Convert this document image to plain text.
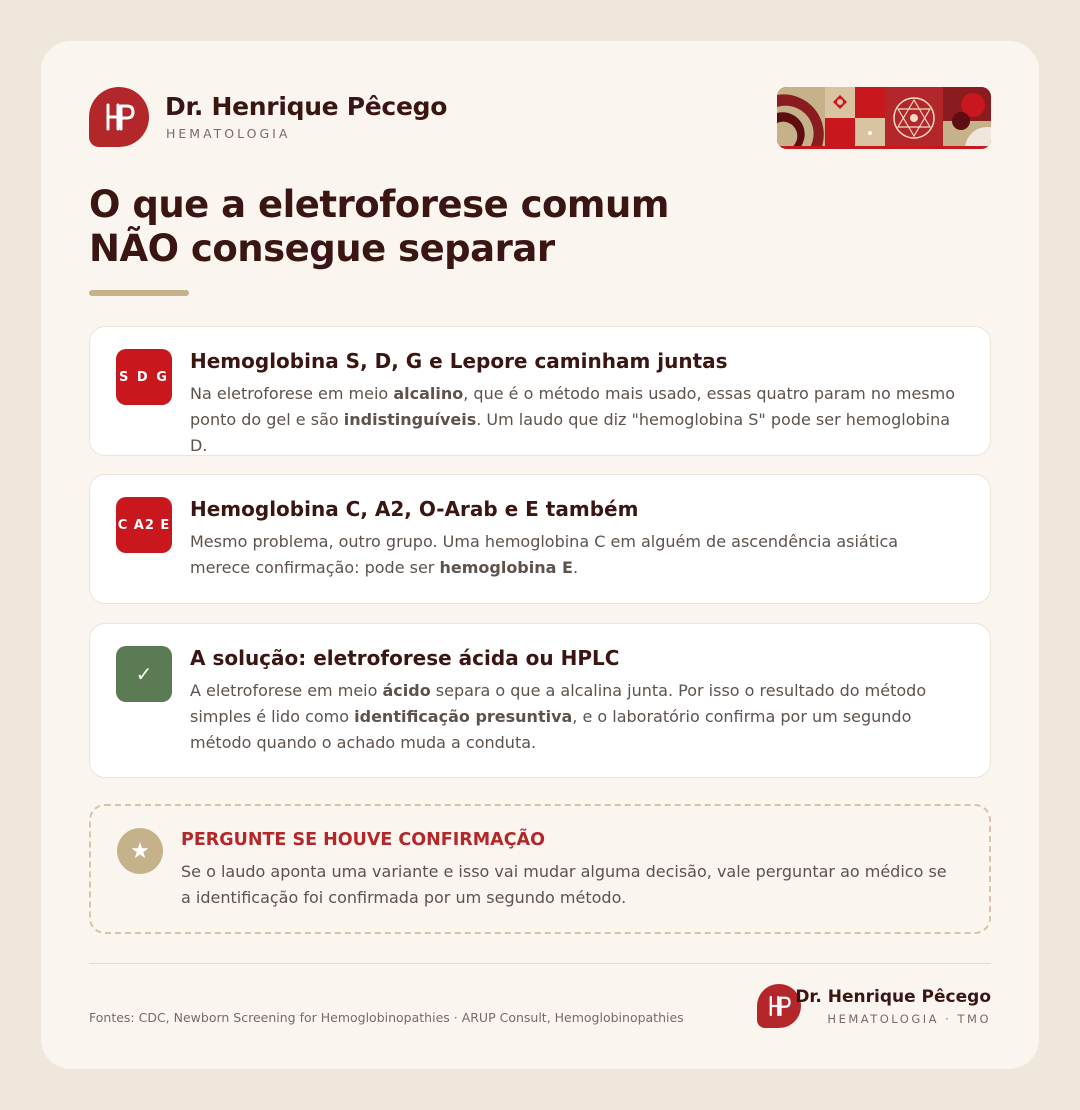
Dr. Henrique Pêcego
HEMATOLOGIA
O que a eletroforese comum
NÃO consegue separar
S D G
Hemoglobina S, D, G e Lepore caminham juntas
Na eletroforese em meio alcalino, que é o método mais usado, essas quatro param no mesmo ponto do gel e são indistinguíveis. Um laudo que diz "hemoglobina S" pode ser hemoglobina D.
C A2 E
Hemoglobina C, A2, O-Arab e E também
Mesmo problema, outro grupo. Uma hemoglobina C em alguém de ascendência asiática merece confirmação: pode ser hemoglobina E.
✓
A solução: eletroforese ácida ou HPLC
A eletroforese em meio ácido separa o que a alcalina junta. Por isso o resultado do método simples é lido como identificação presuntiva, e o laboratório confirma por um segundo método quando o achado muda a conduta.
★	PERGUNTE SE HOUVE CONFIRMAÇÃO
Se o laudo aponta uma variante e isso vai mudar alguma decisão, vale perguntar ao médico se a identificação foi confirmada por um segundo método.
Fontes: CDC, Newborn Screening for Hemoglobinopathies · ARUP Consult, Hemoglobinopathies
Dr. Henrique Pêcego
HEMATOLOGIA · TMO
